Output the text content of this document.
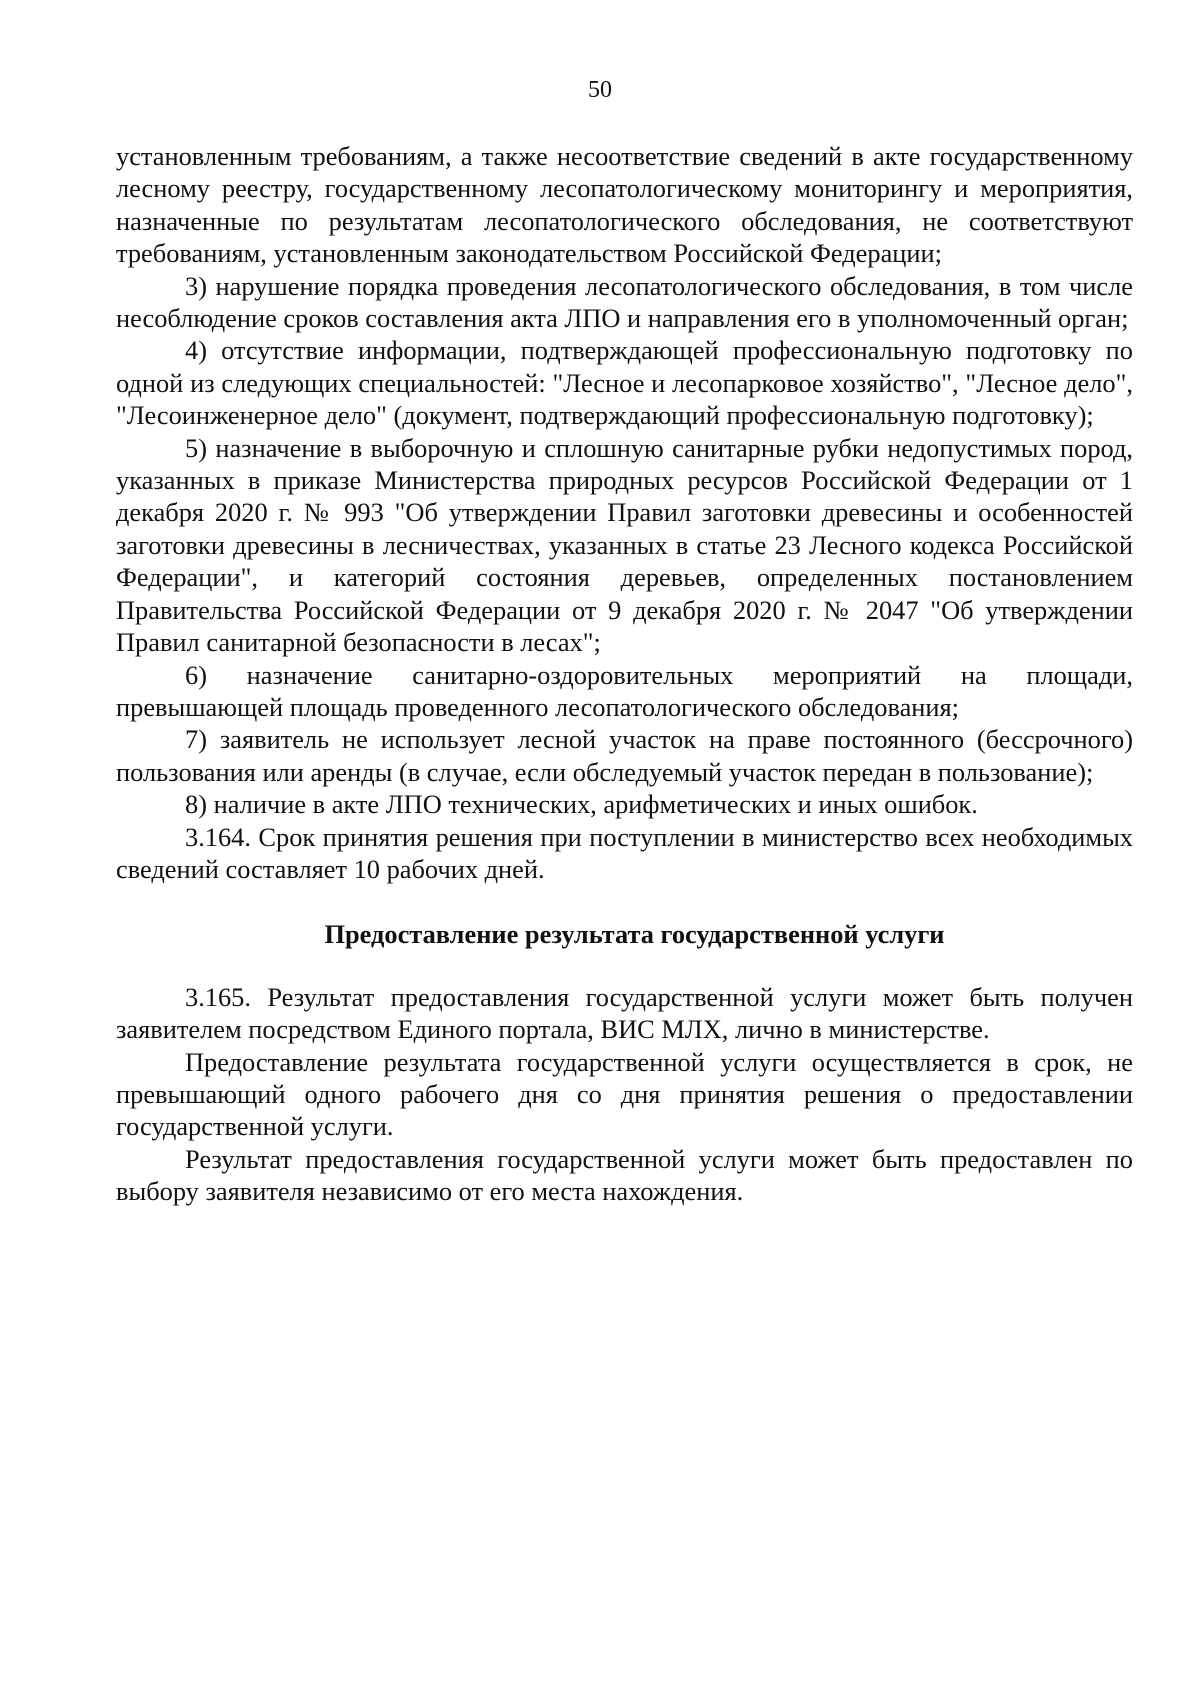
50

установленным требованиям, а также несоответствие сведений в акте государственному лесному реестру, государственному лесопатологическому мониторингу и мероприятия, назначенные по результатам лесопатологического обследования, не соответствуют требованиям, установленным законодательством Российской Федерации;

3) нарушение порядка проведения лесопатологического обследования, в том числе несоблюдение сроков составления акта ЛПО и направления его в уполномоченный орган;

4) отсутствие информации, подтверждающей профессиональную подготовку по одной из следующих специальностей: "Лесное и лесопарковое хозяйство", "Лесное дело", "Лесоинженерное дело" (документ, подтверждающий профессиональную подготовку);

5) назначение в выборочную и сплошную санитарные рубки недопустимых пород, указанных в приказе Министерства природных ресурсов Российской Федерации от 1 декабря 2020 г. № 993 "Об утверждении Правил заготовки древесины и особенностей заготовки древесины в лесничествах, указанных в статье 23 Лесного кодекса Российской Федерации", и категорий состояния деревьев, определенных постановлением Правительства Российской Федерации от 9 декабря 2020 г. № 2047 "Об утверждении Правил санитарной безопасности в лесах";

6) назначение санитарно-оздоровительных мероприятий на площади, превышающей площадь проведенного лесопатологического обследования;

7) заявитель не использует лесной участок на праве постоянного (бессрочного) пользования или аренды (в случае, если обследуемый участок передан в пользование);

8) наличие в акте ЛПО технических, арифметических и иных ошибок.

3.164. Срок принятия решения при поступлении в министерство всех необходимых сведений составляет 10 рабочих дней.

Предоставление результата государственной услуги

3.165. Результат предоставления государственной услуги может быть получен заявителем посредством Единого портала, ВИС МЛХ, лично в министерстве.

Предоставление результата государственной услуги осуществляется в срок, не превышающий одного рабочего дня со дня принятия решения о предоставлении государственной услуги.

Результат предоставления государственной услуги может быть предоставлен по выбору заявителя независимо от его места нахождения.
